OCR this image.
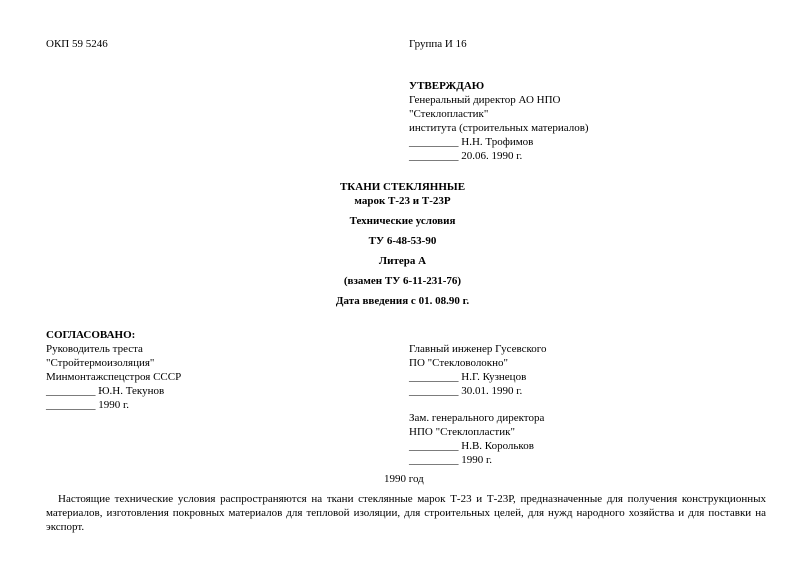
ОКП 59 5246	Группа И 16
УТВЕРЖДАЮ
Генеральный директор АО НПО
"Стеклопластик"
института (строительных материалов)
_________ Н.Н. Трофимов
_________ 20.06. 1990 г.
ТКАНИ СТЕКЛЯННЫЕ
марок Т-23 и Т-23Р
Технические условия
ТУ 6-48-53-90
Литера А
(взамен ТУ 6-11-231-76)
Дата введения с 01. 08.90 г.
СОГЛАСОВАНО:
Руководитель треста
"Стройтермоизоляция"
Минмонтажспецстроя СССР
_________ Ю.Н. Текунов
_________ 1990 г.
Главный инженер Гусевского
ПО "Стекловолокно"
_________ Н.Г. Кузнецов
_________ 30.01. 1990 г.
Зам. генерального директора
НПО "Стеклопластик"
_________ Н.В. Корольков
_________ 1990 г.
1990 год
Настоящие технические условия распространяются на ткани стеклянные марок Т-23 и Т-23Р, предназначенные для получения конструкционных материалов, изготовления покровных материалов для тепловой изоляции, для строительных целей, для нужд народного хозяйства и для поставки на экспорт.
